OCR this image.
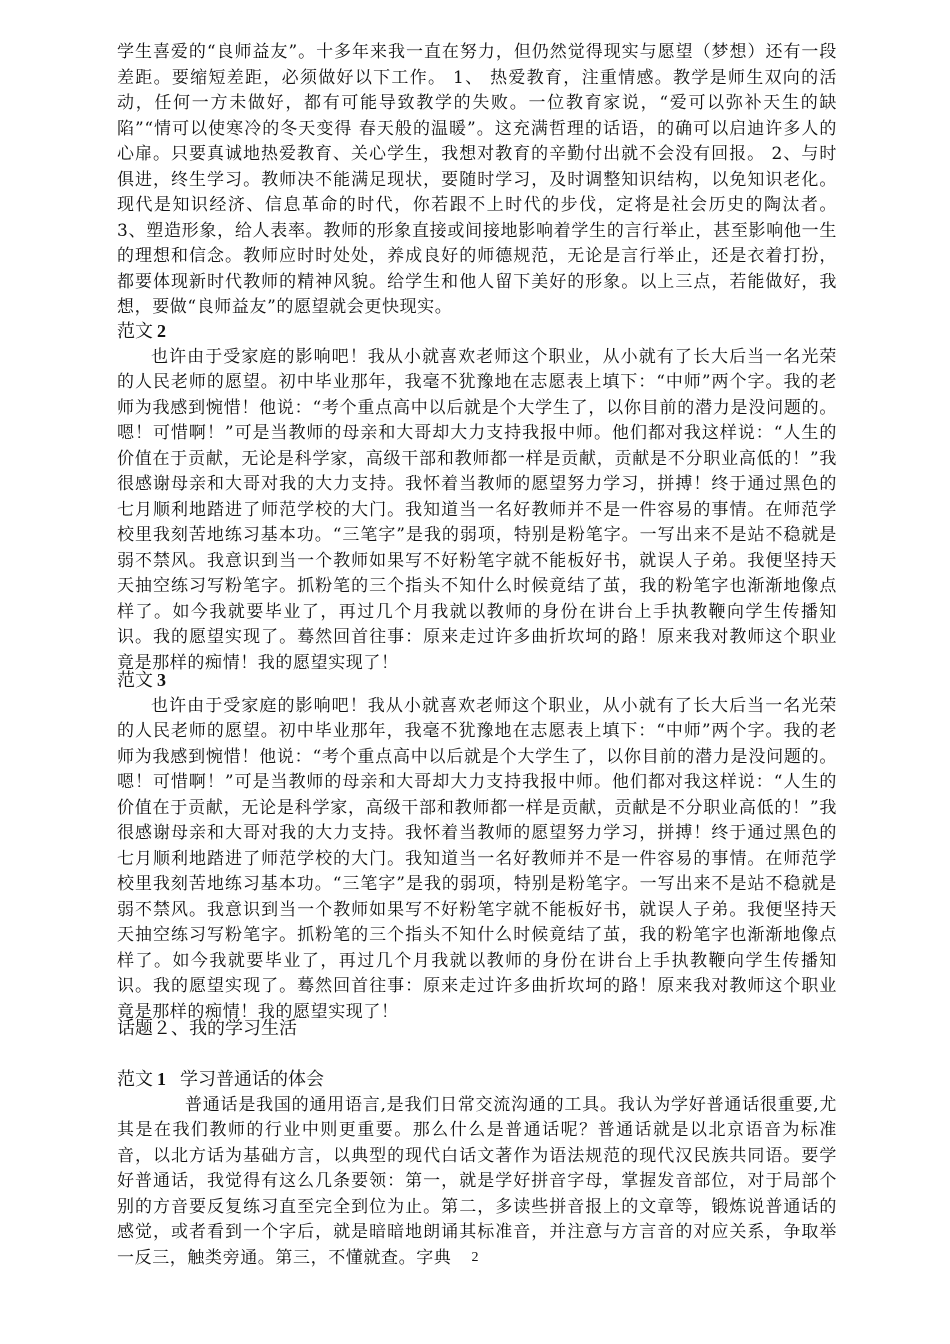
学生喜爱的“良师益友”。十多年来我一直在努力，但仍然觉得现实与愿望（梦想）还有一段差距。要缩短差距，必须做好以下工作。 1、 热爱教育，注重情感。教学是师生双向的活动，任何一方未做好，都有可能导致教学的失败。一位教育家说，“爱可以弥补天生的缺陷”“情可以使寒冷的冬天变得 春天般的温暖”。这充满哲理的话语，的确可以启迪许多人的心扉。只要真诚地热爱教育、关心学生，我想对教育的辛勤付出就不会没有回报。 2、与时俱进，终生学习。教师决不能满足现状，要随时学习，及时调整知识结构，以免知识老化。现代是知识经济、信息革命的时代，你若跟不上时代的步伐，定将是社会历史的陶汰者。 3、塑造形象，给人表率。教师的形象直接或间接地影响着学生的言行举止，甚至影响他一生的理想和信念。教师应时时处处，养成良好的师德规范，无论是言行举止，还是衣着打扮，都要体现新时代教师的精神风貌。给学生和他人留下美好的形象。以上三点，若能做好，我想，要做“良师益友”的愿望就会更快现实。

范文 2

也许由于受家庭的影响吧！我从小就喜欢老师这个职业，从小就有了长大后当一名光荣的人民老师的愿望。初中毕业那年，我毫不犹豫地在志愿表上填下：“中师”两个字。我的老师为我感到惋惜！他说：“考个重点高中以后就是个大学生了，以你目前的潜力是没问题的。嗯！可惜啊！”可是当教师的母亲和大哥却大力支持我报中师。他们都对我这样说：“人生的价值在于贡献，无论是科学家，高级干部和教师都一样是贡献，贡献是不分职业高低的！”我很感谢母亲和大哥对我的大力支持。我怀着当教师的愿望努力学习，拼搏！终于通过黑色的七月顺利地踏进了师范学校的大门。我知道当一名好教师并不是一件容易的事情。在师范学校里我刻苦地练习基本功。“三笔字”是我的弱项，特别是粉笔字。一写出来不是站不稳就是弱不禁风。我意识到当一个教师如果写不好粉笔字就不能板好书，就误人子弟。我便坚持天天抽空练习写粉笔字。抓粉笔的三个指头不知什么时候竟结了茧，我的粉笔字也渐渐地像点样了。如今我就要毕业了，再过几个月我就以教师的身份在讲台上手执教鞭向学生传播知识。我的愿望实现了。蓦然回首往事：原来走过许多曲折坎坷的路！原来我对教师这个职业竟是那样的痴情！我的愿望实现了！

范文 3

也许由于受家庭的影响吧！我从小就喜欢老师这个职业，从小就有了长大后当一名光荣的人民老师的愿望。初中毕业那年，我毫不犹豫地在志愿表上填下：“中师”两个字。我的老师为我感到惋惜！他说：“考个重点高中以后就是个大学生了，以你目前的潜力是没问题的。嗯！可惜啊！”可是当教师的母亲和大哥却大力支持我报中师。他们都对我这样说：“人生的价值在于贡献，无论是科学家，高级干部和教师都一样是贡献，贡献是不分职业高低的！”我很感谢母亲和大哥对我的大力支持。我怀着当教师的愿望努力学习，拼搏！终于通过黑色的七月顺利地踏进了师范学校的大门。我知道当一名好教师并不是一件容易的事情。在师范学校里我刻苦地练习基本功。“三笔字”是我的弱项，特别是粉笔字。一写出来不是站不稳就是弱不禁风。我意识到当一个教师如果写不好粉笔字就不能板好书，就误人子弟。我便坚持天天抽空练习写粉笔字。抓粉笔的三个指头不知什么时候竟结了茧，我的粉笔字也渐渐地像点样了。如今我就要毕业了，再过几个月我就以教师的身份在讲台上手执教鞭向学生传播知识。我的愿望实现了。蓦然回首往事：原来走过许多曲折坎坷的路！原来我对教师这个职业竟是那样的痴情！我的愿望实现了！

话题２、我的学习生活
范文 1 学习普通话的体会

普通话是我国的通用语言,是我们日常交流沟通的工具。我认为学好普通话很重要,尤其是在我们教师的行业中则更重要。那么什么是普通话呢？普通话就是以北京语音为标准音，以北方话为基础方言，以典型的现代白话文著作为语法规范的现代汉民族共同语。要学好普通话，我觉得有这么几条要领：第一，就是学好拼音字母，掌握发音部位，对于局部个别的方音要反复练习直至完全到位为止。第二，多读些拼音报上的文章等，锻炼说普通话的感觉，或者看到一个字后，就是暗暗地朗诵其标准音，并注意与方言音的对应关系，争取举一反三，触类旁通。第三，不懂就查。字典	2
